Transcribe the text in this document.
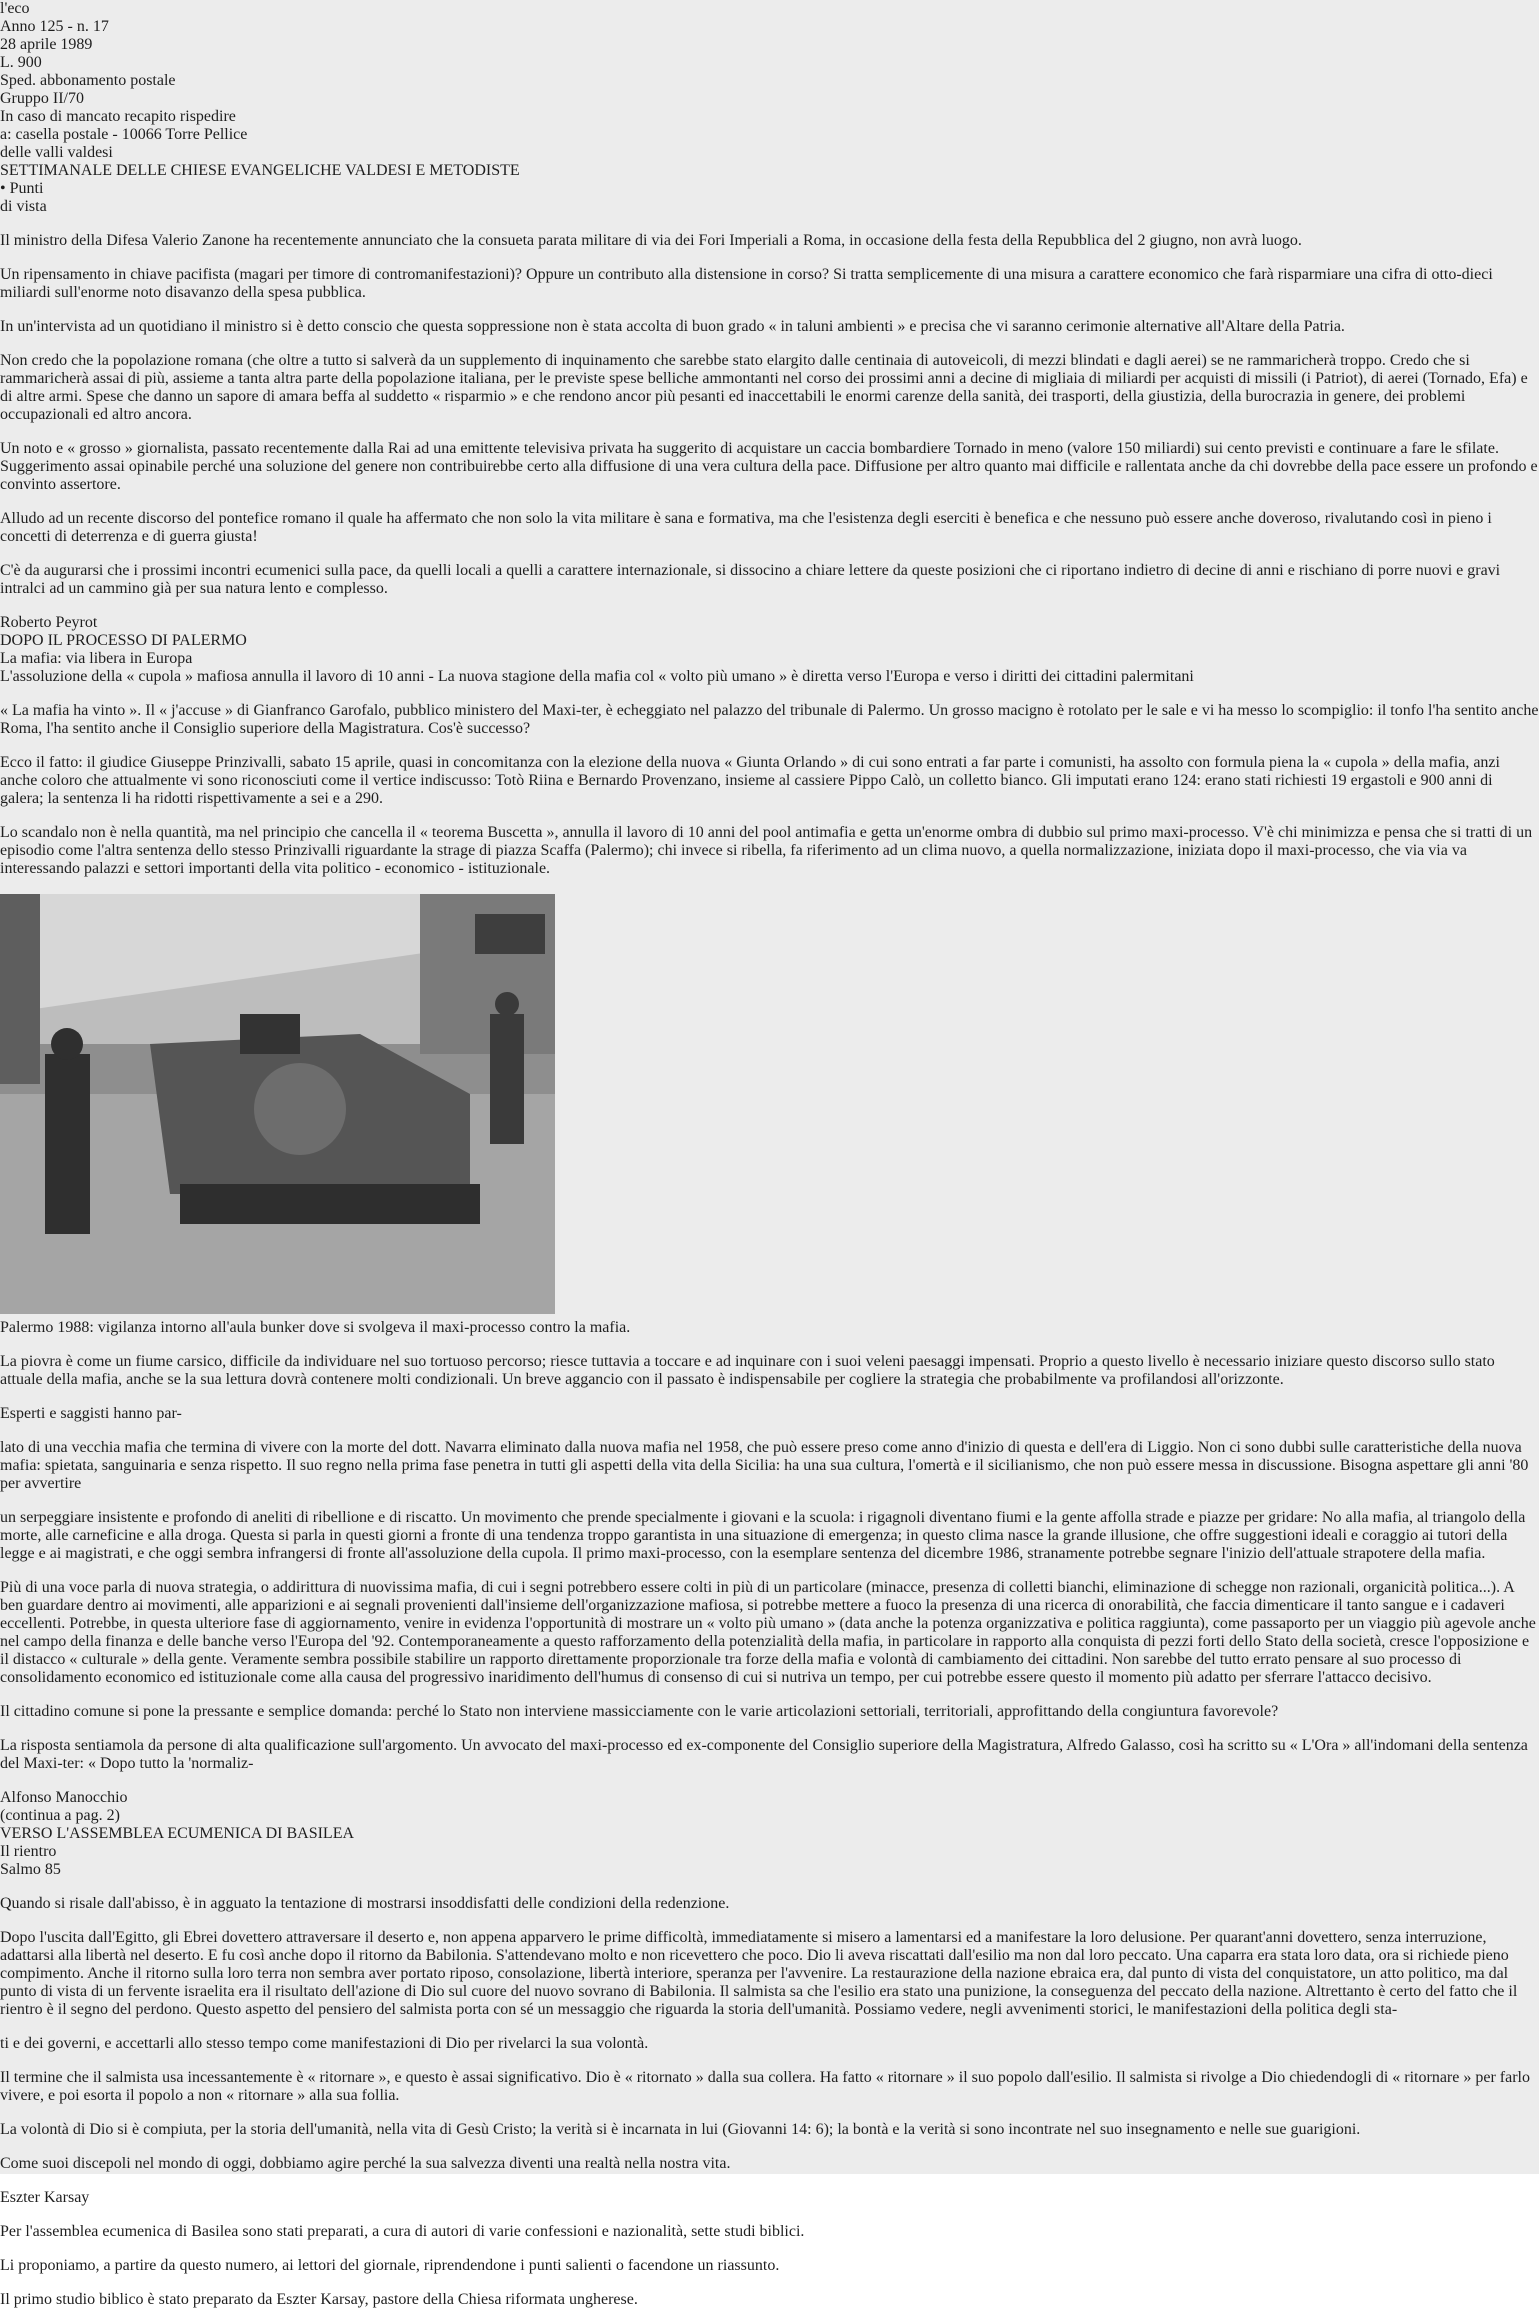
l'eco
Anno 125 - n. 17
28 aprile 1989
L. 900
Sped. abbonamento postale
Gruppo II/70
In caso di mancato recapito rispedire
a: casella postale - 10066 Torre Pellice
delle valli valdesi
SETTIMANALE DELLE CHIESE EVANGELICHE VALDESI E METODISTE
• Punti
di vista

Il ministro della Difesa Valerio Zanone ha recentemente annunciato che la consueta parata militare di via dei Fori Imperiali a Roma, in occasione della festa della Repubblica del 2 giugno, non avrà luogo.

Un ripensamento in chiave pacifista (magari per timore di contromanifestazioni)? Oppure un contributo alla distensione in corso? Si tratta semplicemente di una misura a carattere economico che farà risparmiare una cifra di otto-dieci miliardi sull'enorme noto disavanzo della spesa pubblica.

In un'intervista ad un quotidiano il ministro si è detto conscio che questa soppressione non è stata accolta di buon grado « in taluni ambienti » e precisa che vi saranno cerimonie alternative all'Altare della Patria.

Non credo che la popolazione romana (che oltre a tutto si salverà da un supplemento di inquinamento che sarebbe stato elargito dalle centinaia di autoveicoli, di mezzi blindati e dagli aerei) se ne rammaricherà troppo. Credo che si rammaricherà assai di più, assieme a tanta altra parte della popolazione italiana, per le previste spese belliche ammontanti nel corso dei prossimi anni a decine di migliaia di miliardi per acquisti di missili (i Patriot), di aerei (Tornado, Efa) e di altre armi. Spese che danno un sapore di amara beffa al suddetto « risparmio » e che rendono ancor più pesanti ed inaccettabili le enormi carenze della sanità, dei trasporti, della giustizia, della burocrazia in genere, dei problemi occupazionali ed altro ancora.

Un noto e « grosso » giornalista, passato recentemente dalla Rai ad una emittente televisiva privata ha suggerito di acquistare un caccia bombardiere Tornado in meno (valore 150 miliardi) sui cento previsti e continuare a fare le sfilate. Suggerimento assai opinabile perché una soluzione del genere non contribuirebbe certo alla diffusione di una vera cultura della pace. Diffusione per altro quanto mai difficile e rallentata anche da chi dovrebbe della pace essere un profondo e convinto assertore.

Alludo ad un recente discorso del pontefice romano il quale ha affermato che non solo la vita militare è sana e formativa, ma che l'esistenza degli eserciti è benefica e che nessuno può essere anche doveroso, rivalutando così in pieno i concetti di deterrenza e di guerra giusta!

C'è da augurarsi che i prossimi incontri ecumenici sulla pace, da quelli locali a quelli a carattere internazionale, si dissocino a chiare lettere da queste posizioni che ci riportano indietro di decine di anni e rischiano di porre nuovi e gravi intralci ad un cammino già per sua natura lento e complesso.

Roberto Peyrot
DOPO IL PROCESSO DI PALERMO
La mafia: via libera in Europa
L'assoluzione della « cupola » mafiosa annulla il lavoro di 10 anni - La nuova stagione della mafia col « volto più umano » è diretta verso l'Europa e verso i diritti dei cittadini palermitani

« La mafia ha vinto ». Il « j'accuse » di Gianfranco Garofalo, pubblico ministero del Maxi-ter, è echeggiato nel palazzo del tribunale di Palermo. Un grosso macigno è rotolato per le sale e vi ha messo lo scompiglio: il tonfo l'ha sentito anche Roma, l'ha sentito anche il Consiglio superiore della Magistratura. Cos'è successo?

Ecco il fatto: il giudice Giuseppe Prinzivalli, sabato 15 aprile, quasi in concomitanza con la elezione della nuova « Giunta Orlando » di cui sono entrati a far parte i comunisti, ha assolto con formula piena la « cupola » della mafia, anzi anche coloro che attualmente vi sono riconosciuti come il vertice indiscusso: Totò Riina e Bernardo Provenzano, insieme al cassiere Pippo Calò, un colletto bianco. Gli imputati erano 124: erano stati richiesti 19 ergastoli e 900 anni di galera; la sentenza li ha ridotti rispettivamente a sei e a 290.

Lo scandalo non è nella quantità, ma nel principio che cancella il « teorema Buscetta », annulla il lavoro di 10 anni del pool antimafia e getta un'enorme ombra di dubbio sul primo maxi-processo. V'è chi minimizza e pensa che si tratti di un episodio come l'altra sentenza dello stesso Prinzivalli riguardante la strage di piazza Scaffa (Palermo); chi invece si ribella, fa riferimento ad un clima nuovo, a quella normalizzazione, iniziata dopo il maxi-processo, che via via va interessando palazzi e settori importanti della vita politico - economico - istituzionale.

Palermo 1988: vigilanza intorno all'aula bunker dove si svolgeva il maxi-processo contro la mafia.

La piovra è come un fiume carsico, difficile da individuare nel suo tortuoso percorso; riesce tuttavia a toccare e ad inquinare con i suoi veleni paesaggi impensati. Proprio a questo livello è necessario iniziare questo discorso sullo stato attuale della mafia, anche se la sua lettura dovrà contenere molti condizionali. Un breve aggancio con il passato è indispensabile per cogliere la strategia che probabilmente va profilandosi all'orizzonte.

Esperti e saggisti hanno par-

lato di una vecchia mafia che termina di vivere con la morte del dott. Navarra eliminato dalla nuova mafia nel 1958, che può essere preso come anno d'inizio di questa e dell'era di Liggio. Non ci sono dubbi sulle caratteristiche della nuova mafia: spietata, sanguinaria e senza rispetto. Il suo regno nella prima fase penetra in tutti gli aspetti della vita della Sicilia: ha una sua cultura, l'omertà e il sicilianismo, che non può essere messa in discussione. Bisogna aspettare gli anni '80 per avvertire

un serpeggiare insistente e profondo di aneliti di ribellione e di riscatto. Un movimento che prende specialmente i giovani e la scuola: i rigagnoli diventano fiumi e la gente affolla strade e piazze per gridare: No alla mafia, al triangolo della morte, alle carneficine e alla droga. Questa si parla in questi giorni a fronte di una tendenza troppo garantista in una situazione di emergenza; in questo clima nasce la grande illusione, che offre suggestioni ideali e coraggio ai tutori della legge e ai magistrati, e che oggi sembra infrangersi di fronte all'assoluzione della cupola. Il primo maxi-processo, con la esemplare sentenza del dicembre 1986, stranamente potrebbe segnare l'inizio dell'attuale strapotere della mafia.

Più di una voce parla di nuova strategia, o addirittura di nuovissima mafia, di cui i segni potrebbero essere colti in più di un particolare (minacce, presenza di colletti bianchi, eliminazione di schegge non razionali, organicità politica...). A ben guardare dentro ai movimenti, alle apparizioni e ai segnali provenienti dall'insieme dell'organizzazione mafiosa, si potrebbe mettere a fuoco la presenza di una ricerca di onorabilità, che faccia dimenticare il tanto sangue e i cadaveri eccellenti. Potrebbe, in questa ulteriore fase di aggiornamento, venire in evidenza l'opportunità di mostrare un « volto più umano » (data anche la potenza organizzativa e politica raggiunta), come passaporto per un viaggio più agevole anche nel campo della finanza e delle banche verso l'Europa del '92. Contemporaneamente a questo rafforzamento della potenzialità della mafia, in particolare in rapporto alla conquista di pezzi forti dello Stato della società, cresce l'opposizione e il distacco « culturale » della gente. Veramente sembra possibile stabilire un rapporto direttamente proporzionale tra forze della mafia e volontà di cambiamento dei cittadini. Non sarebbe del tutto errato pensare al suo processo di consolidamento economico ed istituzionale come alla causa del progressivo inaridimento dell'humus di consenso di cui si nutriva un tempo, per cui potrebbe essere questo il momento più adatto per sferrare l'attacco decisivo.

Il cittadino comune si pone la pressante e semplice domanda: perché lo Stato non interviene massicciamente con le varie articolazioni settoriali, territoriali, approfittando della congiuntura favorevole?

La risposta sentiamola da persone di alta qualificazione sull'argomento. Un avvocato del maxi-processo ed ex-componente del Consiglio superiore della Magistratura, Alfredo Galasso, così ha scritto su « L'Ora » all'indomani della sentenza del Maxi-ter: « Dopo tutto la 'normaliz-

Alfonso Manocchio
(continua a pag. 2)
VERSO L'ASSEMBLEA ECUMENICA DI BASILEA
Il rientro
Salmo 85

Quando si risale dall'abisso, è in agguato la tentazione di mostrarsi insoddisfatti delle condizioni della redenzione.

Dopo l'uscita dall'Egitto, gli Ebrei dovettero attraversare il deserto e, non appena apparvero le prime difficoltà, immediatamente si misero a lamentarsi ed a manifestare la loro delusione. Per quarant'anni dovettero, senza interruzione, adattarsi alla libertà nel deserto. E fu così anche dopo il ritorno da Babilonia. S'attendevano molto e non ricevettero che poco. Dio li aveva riscattati dall'esilio ma non dal loro peccato. Una caparra era stata loro data, ora si richiede pieno compimento. Anche il ritorno sulla loro terra non sembra aver portato riposo, consolazione, libertà interiore, speranza per l'avvenire. La restaurazione della nazione ebraica era, dal punto di vista del conquistatore, un atto politico, ma dal punto di vista di un fervente israelita era il risultato dell'azione di Dio sul cuore del nuovo sovrano di Babilonia. Il salmista sa che l'esilio era stato una punizione, la conseguenza del peccato della nazione. Altrettanto è certo del fatto che il rientro è il segno del perdono. Questo aspetto del pensiero del salmista porta con sé un messaggio che riguarda la storia dell'umanità. Possiamo vedere, negli avvenimenti storici, le manifestazioni della politica degli sta-

ti e dei governi, e accettarli allo stesso tempo come manifestazioni di Dio per rivelarci la sua volontà.

Il termine che il salmista usa incessantemente è « ritornare », e questo è assai significativo. Dio è « ritornato » dalla sua collera. Ha fatto « ritornare » il suo popolo dall'esilio. Il salmista si rivolge a Dio chiedendogli di « ritornare » per farlo vivere, e poi esorta il popolo a non « ritornare » alla sua follia.

La volontà di Dio si è compiuta, per la storia dell'umanità, nella vita di Gesù Cristo; la verità si è incarnata in lui (Giovanni 14: 6); la bontà e la verità si sono incontrate nel suo insegnamento e nelle sue guarigioni.

Come suoi discepoli nel mondo di oggi, dobbiamo agire perché la sua salvezza diventi una realtà nella nostra vita.

Eszter Karsay

Per l'assemblea ecumenica di Basilea sono stati preparati, a cura di autori di varie confessioni e nazionalità, sette studi biblici.

Li proponiamo, a partire da questo numero, ai lettori del giornale, riprendendone i punti salienti o facendone un riassunto.

Il primo studio biblico è stato preparato da Eszter Karsay, pastore della Chiesa riformata ungherese.
